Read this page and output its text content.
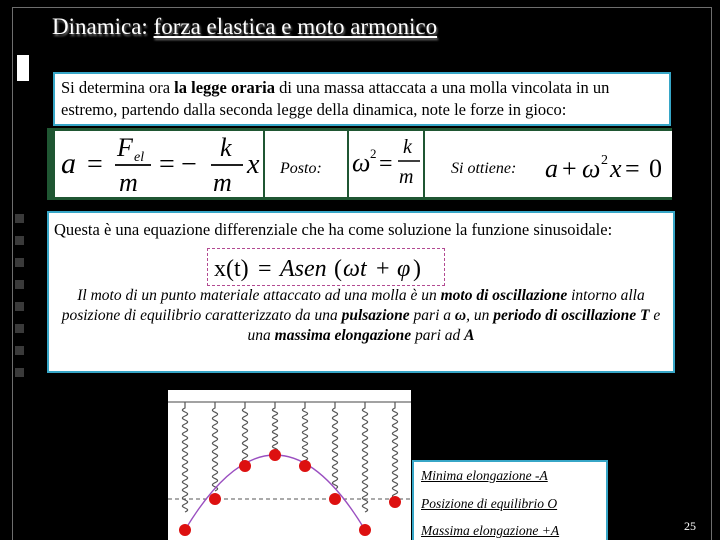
Dinamica: forza elastica e moto armonico
Si determina ora la legge oraria di una massa attaccata a una molla vincolata in un estremo, partendo dalla seconda legge della dinamica, note le forze in gioco:
a =
F el
m
= −
k
m
x Posto: ω 2 =
k
m Si ottiene: a + ω 2 x = 0
Questa è una equazione differenziale che ha come soluzione la funzione sinusoidale:
x(t) = Asen ( ωt + φ )
Il moto di un punto materiale attaccato ad una molla è un moto di oscillazione intorno alla posizione di equilibrio caratterizzato da una pulsazione pari a ω, un periodo di oscillazione T e una massima elongazione pari ad A
Minima elongazione -A
Posizione di equilibrio O
Massima elongazione +A	25
